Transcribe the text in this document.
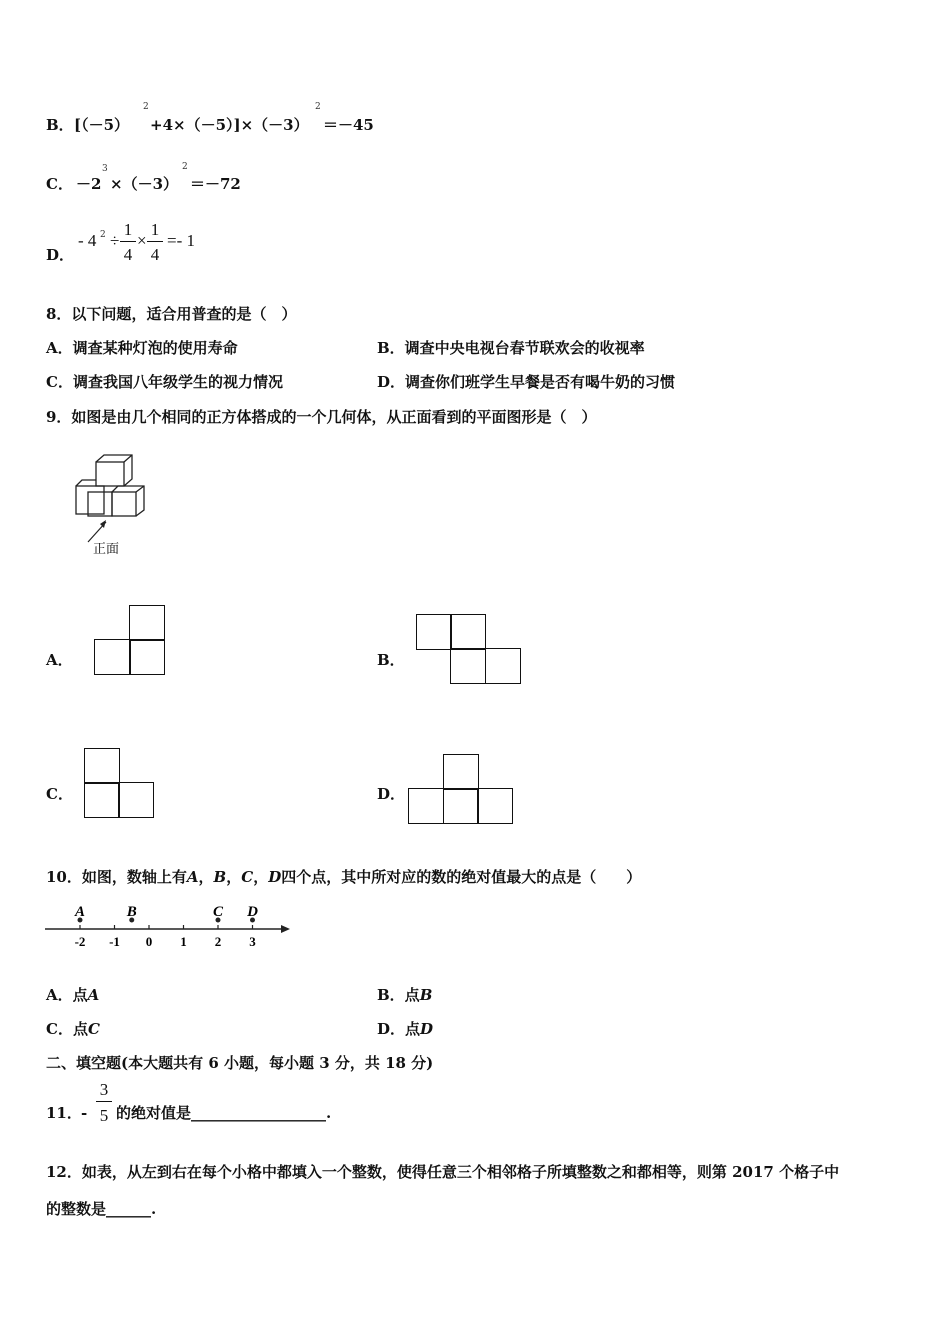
B． [（－5）
2
+4×（－5）]×（－3）
2
＝－45
C． －2
3
×（－3）
2
＝－72
D．
- 4 2 ÷
1
4
×
1
4
=- 1
8．以下问题，适合用普查的是（　）
A．调查某种灯泡的使用寿命	B．调查中央电视台春节联欢会的收视率
C．调查我国八年级学生的视力情况	D．调查你们班学生早餐是否有喝牛奶的习惯
9．如图是由几个相同的正方体搭成的一个几何体，从正面看到的平面图形是（　）
正面
A．	B．
C．	D．
10．如图，数轴上有A，B，C，D四个点，其中所对应的数的绝对值最大的点是（　　）
-2 -1 0 1 2 3
A	B	C D
A．点A	B．点B
C．点C	D．点D
二、填空题(本大题共有 6 小题，每小题 3 分，共 18 分)
11． -
3
5 的绝对值是__________________.
12．如表，从左到右在每个小格中都填入一个整数，使得任意三个相邻格子所填整数之和都相等，则第 2017 个格子中
的整数是______.
